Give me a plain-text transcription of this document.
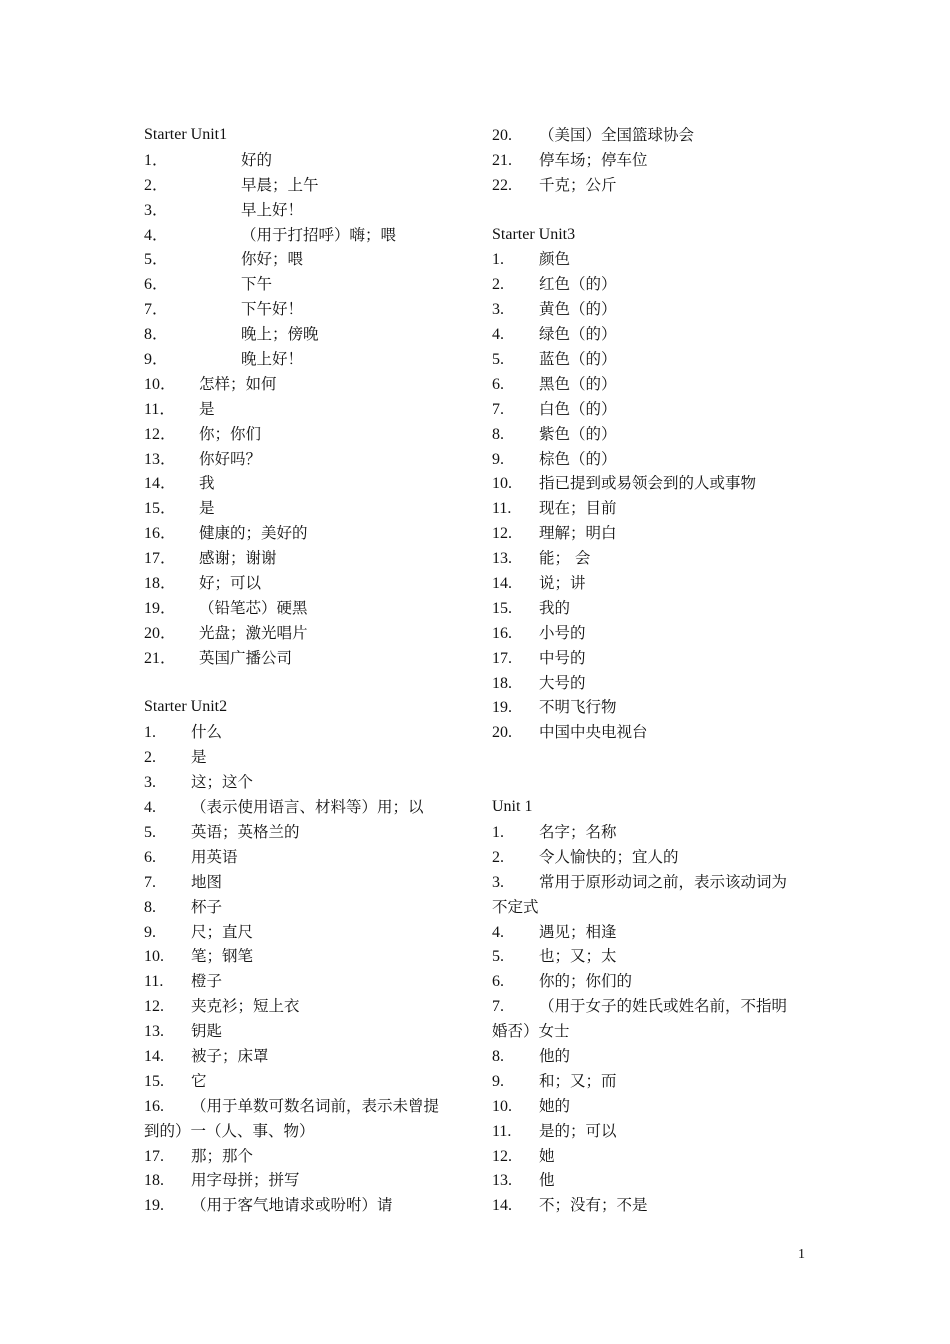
Starter Unit1
1．	好的
2．	早晨；上午
3．	早上好！
4．	（用于打招呼）嗨；喂
5．	你好；喂
6．	下午
7．	下午好！
8．	晚上；傍晚
9．	晚上好！
10． 怎样；如何
11． 是
12． 你；你们
13． 你好吗？
14． 我
15． 是
16． 健康的；美好的
17． 感谢；谢谢
18． 好；可以
19． （铅笔芯）硬黑
20． 光盘；激光唱片
21． 英国广播公司
Starter Unit2
1. 什么
2. 是
3. 这；这个
4. （表示使用语言、材料等）用；以
5. 英语；英格兰的
6. 用英语
7. 地图
8. 杯子
9. 尺；直尺
10. 笔；钢笔
11. 橙子
12. 夹克衫；短上衣
13. 钥匙
14. 被子；床罩
15. 它
16. （用于单数可数名词前，表示未曾提
到的）一（人、事、物）
17. 那；那个
18. 用字母拼；拼写
19. （用于客气地请求或吩咐）请
20. （美国）全国篮球协会
21. 停车场；停车位
22. 千克；公斤
Starter Unit3
1. 颜色
2. 红色（的）
3. 黄色（的）
4. 绿色（的）
5. 蓝色（的）
6. 黑色（的）
7. 白色（的）
8. 紫色（的）
9. 棕色（的）
10. 指已提到或易领会到的人或事物
11. 现在；目前
12. 理解；明白
13. 能； 会
14. 说；讲
15. 我的
16. 小号的
17. 中号的
18. 大号的
19. 不明飞行物
20. 中国中央电视台
Unit 1
1. 名字；名称
2. 令人愉快的；宜人的
3. 常用于原形动词之前，表示该动词为
不定式
4. 遇见；相逢
5. 也；又；太
6. 你的；你们的
7. （用于女子的姓氏或姓名前，不指明
婚否）女士
8. 他的
9. 和；又；而
10. 她的
11. 是的；可以
12. 她
13. 他
14. 不；没有；不是
1
